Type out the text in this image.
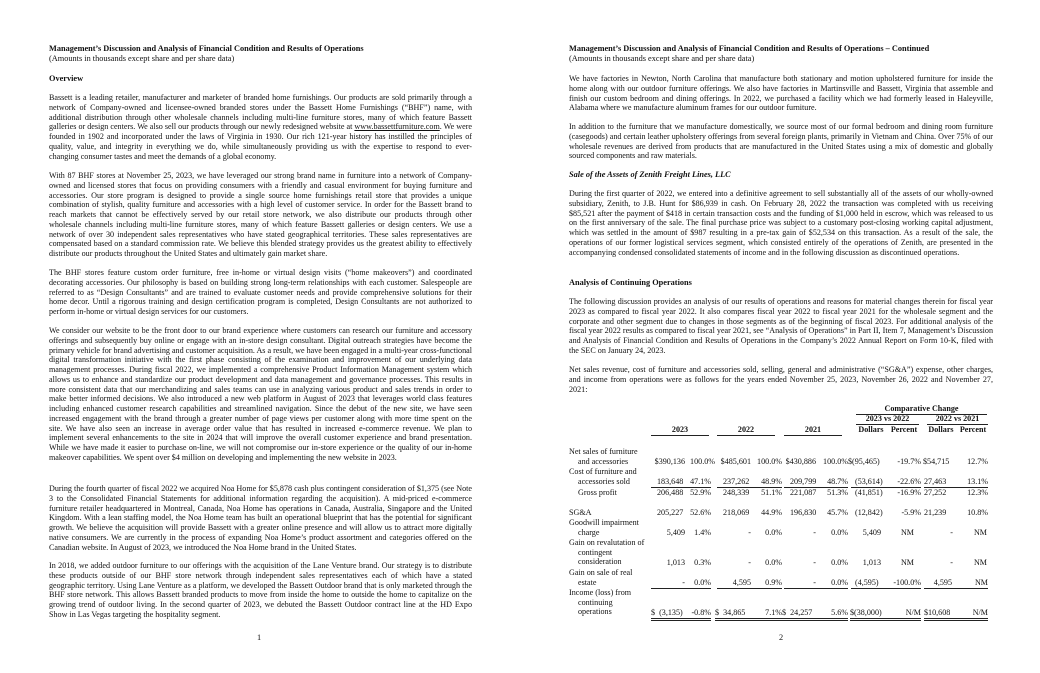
Management’s Discussion and Analysis of Financial Condition and Results of Operations

(Amounts in thousands except share and per share data)

Overview

Bassett is a leading retailer, manufacturer and marketer of branded home furnishings. Our products are sold primarily through a network of Company-owned and licensee-owned branded stores under the Bassett Home Furnishings (“BHF”) name, with additional distribution through other wholesale channels including multi-line furniture stores, many of which feature Bassett galleries or design centers. We also sell our products through our newly redesigned website at www.bassettfurniture.com. We were founded in 1902 and incorporated under the laws of Virginia in 1930. Our rich 121-year history has instilled the principles of quality, value, and integrity in everything we do, while simultaneously providing us with the expertise to respond to ever-changing consumer tastes and meet the demands of a global economy.

With 87 BHF stores at November 25, 2023, we have leveraged our strong brand name in furniture into a network of Company-owned and licensed stores that focus on providing consumers with a friendly and casual environment for buying furniture and accessories. Our store program is designed to provide a single source home furnishings retail store that provides a unique combination of stylish, quality furniture and accessories with a high level of customer service. In order for the Bassett brand to reach markets that cannot be effectively served by our retail store network, we also distribute our products through other wholesale channels including multi-line furniture stores, many of which feature Bassett galleries or design centers. We use a network of over 30 independent sales representatives who have stated geographical territories. These sales representatives are compensated based on a standard commission rate. We believe this blended strategy provides us the greatest ability to effectively distribute our products throughout the United States and ultimately gain market share.

The BHF stores feature custom order furniture, free in-home or virtual design visits (“home makeovers”) and coordinated decorating accessories. Our philosophy is based on building strong long-term relationships with each customer. Salespeople are referred to as “Design Consultants” and are trained to evaluate customer needs and provide comprehensive solutions for their home decor. Until a rigorous training and design certification program is completed, Design Consultants are not authorized to perform in-home or virtual design services for our customers.

We consider our website to be the front door to our brand experience where customers can research our furniture and accessory offerings and subsequently buy online or engage with an in-store design consultant. Digital outreach strategies have become the primary vehicle for brand advertising and customer acquisition. As a result, we have been engaged in a multi-year cross-functional digital transformation initiative with the first phase consisting of the examination and improvement of our underlying data management processes. During fiscal 2022, we implemented a comprehensive Product Information Management system which allows us to enhance and standardize our product development and data management and governance processes. This results in more consistent data that our merchandizing and sales teams can use in analyzing various product and sales trends in order to make better informed decisions. We also introduced a new web platform in August of 2023 that leverages world class features including enhanced customer research capabilities and streamlined navigation. Since the debut of the new site, we have seen increased engagement with the brand through a greater number of page views per customer along with more time spent on the site. We have also seen an increase in average order value that has resulted in increased e-commerce revenue. We plan to implement several enhancements to the site in 2024 that will improve the overall customer experience and brand presentation. While we have made it easier to purchase on-line, we will not compromise our in-store experience or the quality of our in-home makeover capabilities. We spent over $4 million on developing and implementing the new website in 2023.

During the fourth quarter of fiscal 2022 we acquired Noa Home for $5,878 cash plus contingent consideration of $1,375 (see Note 3 to the Consolidated Financial Statements for additional information regarding the acquisition). A mid-priced e-commerce furniture retailer headquartered in Montreal, Canada, Noa Home has operations in Canada, Australia, Singapore and the United Kingdom. With a lean staffing model, the Noa Home team has built an operational blueprint that has the potential for significant growth. We believe the acquisition will provide Bassett with a greater online presence and will allow us to attract more digitally native consumers. We are currently in the process of expanding Noa Home’s product assortment and categories offered on the Canadian website. In August of 2023, we introduced the Noa Home brand in the United States.

In 2018, we added outdoor furniture to our offerings with the acquisition of the Lane Venture brand. Our strategy is to distribute these products outside of our BHF store network through independent sales representatives each of which have a stated geographic territory. Using Lane Venture as a platform, we developed the Bassett Outdoor brand that is only marketed through the BHF store network. This allows Bassett branded products to move from inside the home to outside the home to capitalize on the growing trend of outdoor living. In the second quarter of 2023, we debuted the Bassett Outdoor contract line at the HD Expo Show in Las Vegas targeting the hospitality segment.

1

Management’s Discussion and Analysis of Financial Condition and Results of Operations – Continued

(Amounts in thousands except share and per share data)

We have factories in Newton, North Carolina that manufacture both stationary and motion upholstered furniture for inside the home along with our outdoor furniture offerings. We also have factories in Martinsville and Bassett, Virginia that assemble and finish our custom bedroom and dining offerings. In 2022, we purchased a facility which we had formerly leased in Haleyville, Alabama where we manufacture aluminum frames for our outdoor furniture.

In addition to the furniture that we manufacture domestically, we source most of our formal bedroom and dining room furniture (casegoods) and certain leather upholstery offerings from several foreign plants, primarily in Vietnam and China. Over 75% of our wholesale revenues are derived from products that are manufactured in the United States using a mix of domestic and globally sourced components and raw materials.

Sale of the Assets of Zenith Freight Lines, LLC

During the first quarter of 2022, we entered into a definitive agreement to sell substantially all of the assets of our wholly-owned subsidiary, Zenith, to J.B. Hunt for $86,939 in cash. On February 28, 2022 the transaction was completed with us receiving $85,521 after the payment of $418 in certain transaction costs and the funding of $1,000 held in escrow, which was released to us on the first anniversary of the sale. The final purchase price was subject to a customary post-closing working capital adjustment, which was settled in the amount of $987 resulting in a pre-tax gain of $52,534 on this transaction. As a result of the sale, the operations of our former logistical services segment, which consisted entirely of the operations of Zenith, are presented in the accompanying condensed consolidated statements of income and in the following discussion as discontinued operations.

Analysis of Continuing Operations

The following discussion provides an analysis of our results of operations and reasons for material changes therein for fiscal year 2023 as compared to fiscal year 2022. It also compares fiscal year 2022 to fiscal year 2021 for the wholesale segment and the corporate and other segment due to changes in those segments as of the beginning of fiscal 2023. For additional analysis of the fiscal year 2022 results as compared to fiscal year 2021, see “Analysis of Operations” in Part II, Item 7, Management’s Discussion and Analysis of Financial Condition and Results of Operations in the Company’s 2022 Annual Report on Form 10-K, filed with the SEC on January 24, 2023.

Net sales revenue, cost of furniture and accessories sold, selling, general and administrative (“SG&A”) expense, other charges, and income from operations were as follows for the years ended November 25, 2023, November 26, 2022 and November 27, 2021:

Comparative Change
2023 vs 2022	2022 vs 2021
2023	2022	2021	Dollars Percent	Dollars Percent
Net sales of furniture
and accessories	$390,136 100.0% $485,601 100.0% $430,886 100.0% $(95,465)	-19.7% $54,715	12.7%
Cost of furniture and
accessories sold	183,648 47.1%	237,262 48.9% 209,799 48.7% (53,614) -22.6% 27,463	13.1%
Gross profit	206,488 52.9%	248,339 51.1% 221,087 51.3% (41,851) -16.9% 27,252	12.3%
SG&A	205,227 52.6%	218,069 44.9% 196,830 45.7% (12,842) -5.9% 21,239	10.8%
Goodwill impairment
charge	5,409	1.4%	-	0.0%	-	0.0%	5,409	NM	-	NM
Gain on revalutation of
contingent
consideration	1,013	0.3%	-	0.0%	-	0.0%	1,013	NM	-	NM
Gain on sale of real
estate	- 0.0%	4,595 0.9%	- 0.0% (4,595) -100.0%	4,595	NM
Income (loss) from
continuing
operations	$  (3,135) -0.8% $  34,865 7.1% $  24,257 5.6% $(38,000)	N/M $10,608	N/M
2
